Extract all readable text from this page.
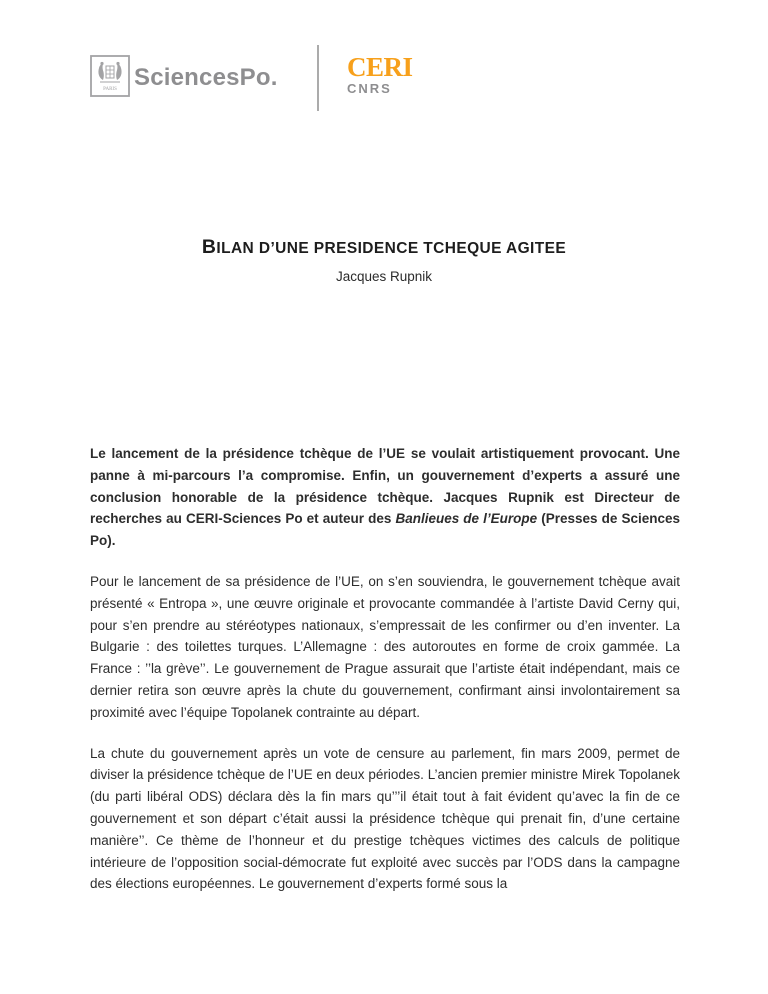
PARIS SciencesPo.	CERI
CNRS
BILAN D’UNE PRESIDENCE TCHEQUE AGITEE

Jacques Rupnik

Le lancement de la présidence tchèque de l’UE se voulait artistiquement provocant. Une panne à mi-parcours l’a compromise. Enfin, un gouvernement d’experts a assuré une conclusion honorable de la présidence tchèque. Jacques Rupnik est Directeur de recherches au CERI-Sciences Po et auteur des Banlieues de l’Europe (Presses de Sciences Po).

Pour le lancement de sa présidence de l’UE, on s’en souviendra, le gouvernement tchèque avait présenté « Entropa », une œuvre originale et provocante commandée à l’artiste David Cerny qui, pour s’en prendre au stéréotypes nationaux, s’empressait de les confirmer ou d’en inventer. La Bulgarie : des toilettes turques. L’Allemagne : des autoroutes en forme de croix gammée. La France : ’’la grève’’. Le gouvernement de Prague assurait que l’artiste était indépendant, mais ce dernier retira son œuvre après la chute du gouvernement, confirmant ainsi involontairement sa proximité avec l’équipe Topolanek contrainte au départ.

La chute du gouvernement après un vote de censure au parlement, fin mars 2009, permet de diviser la présidence tchèque de l’UE en deux périodes. L’ancien premier ministre Mirek Topolanek (du parti libéral ODS) déclara dès la fin mars qu’’’il était tout à fait évident qu’avec la fin de ce gouvernement et son départ c’était aussi la présidence tchèque qui prenait fin, d’une certaine manière’’. Ce thème de l’honneur et du prestige tchèques victimes des calculs de politique intérieure de l’opposition social-démocrate fut exploité avec succès par l’ODS dans la campagne des élections européennes. Le gouvernement d’experts formé sous la
